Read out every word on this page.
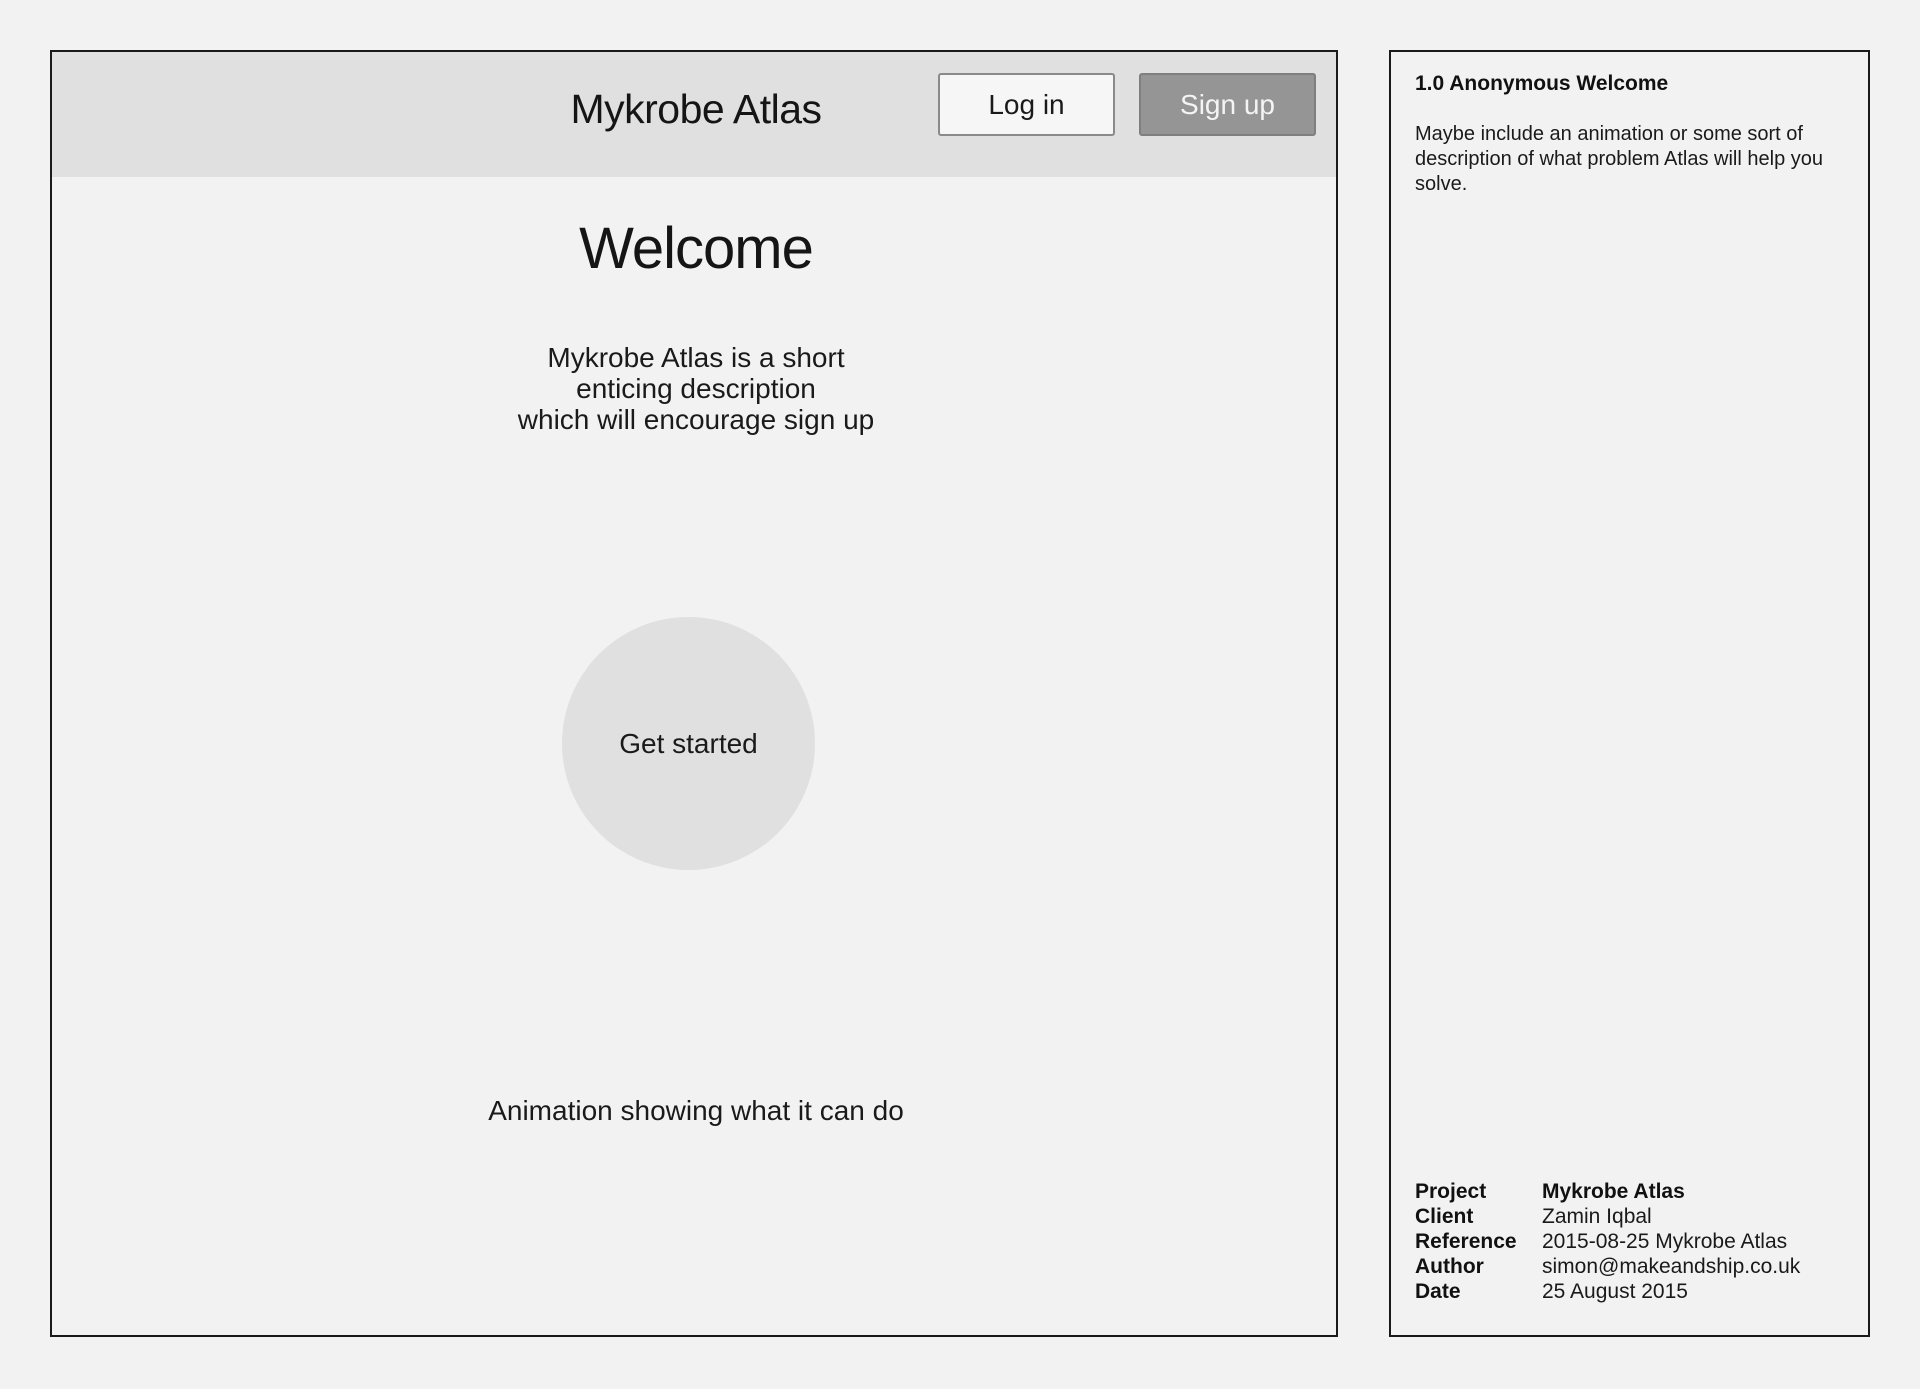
Mykrobe Atlas	Log in	Sign up
Welcome
Mykrobe Atlas is a short
enticing description
which will encourage sign up
Get started
Animation showing what it can do
1.0 Anonymous Welcome
Maybe include an animation or some sort of description of what problem Atlas will help you solve.
Project	Mykrobe Atlas
Client	Zamin Iqbal
Reference	2015-08-25 Mykrobe Atlas
Author	simon@makeandship.co.uk
Date	25 August 2015
